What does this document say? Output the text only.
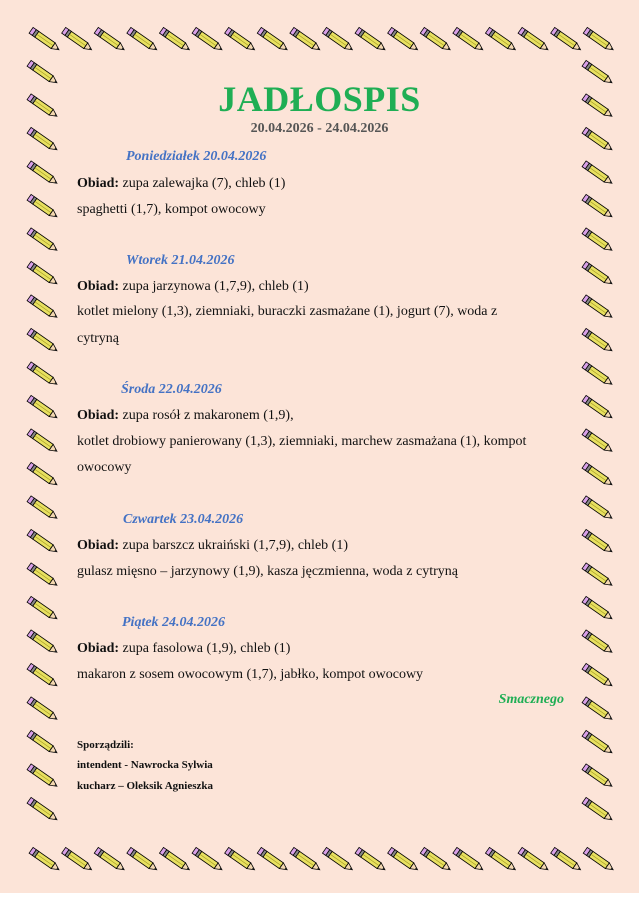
JADŁOSPIS
20.04.2026 - 24.04.2026
Poniedziałek 20.04.2026
Obiad: zupa zalewajka (7), chleb (1)
spaghetti (1,7), kompot owocowy
Wtorek 21.04.2026
Obiad: zupa jarzynowa (1,7,9), chleb (1)
kotlet mielony (1,3), ziemniaki, buraczki zasmażane (1), jogurt (7), woda z
cytryną
Środa 22.04.2026
Obiad: zupa rosół z makaronem (1,9),
kotlet drobiowy panierowany (1,3), ziemniaki, marchew zasmażana (1), kompot
owocowy
Czwartek 23.04.2026
Obiad: zupa barszcz ukraiński (1,7,9), chleb (1)
gulasz mięsno – jarzynowy (1,9), kasza jęczmienna, woda z cytryną
Piątek 24.04.2026
Obiad: zupa fasolowa (1,9), chleb (1)
makaron z sosem owocowym (1,7), jabłko, kompot owocowy
Smacznego
Sporządzili:
intendent - Nawrocka Sylwia
kucharz – Oleksik Agnieszka
